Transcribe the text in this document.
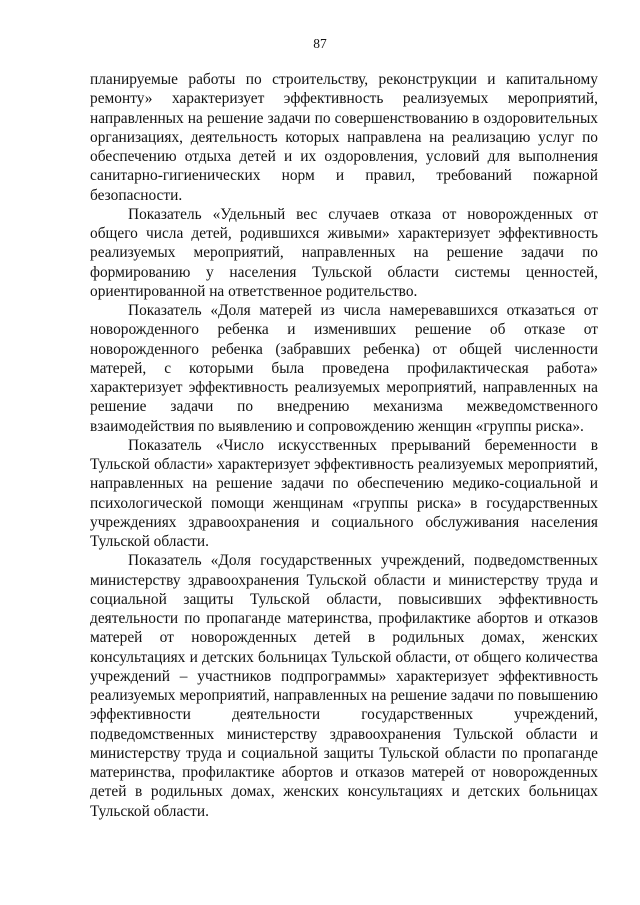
87

планируемые работы по строительству, реконструкции и капитальному ремонту» характеризует эффективность реализуемых мероприятий, направленных на решение задачи по совершенствованию в оздоровительных организациях, деятельность которых направлена на реализацию услуг по обеспечению отдыха детей и их оздоровления, условий для выполнения санитарно-гигиенических норм и правил, требований пожарной безопасности.

Показатель «Удельный вес случаев отказа от новорожденных от общего числа детей, родившихся живыми» характеризует эффективность реализуемых мероприятий, направленных на решение задачи по формированию у населения Тульской области системы ценностей, ориентированной на ответственное родительство.

Показатель «Доля матерей из числа намеревавшихся отказаться от новорожденного ребенка и изменивших решение об отказе от новорожденного ребенка (забравших ребенка) от общей численности матерей, с которыми была проведена профилактическая работа» характеризует эффективность реализуемых мероприятий, направленных на решение задачи по внедрению механизма межведомственного взаимодействия по выявлению и сопровождению женщин «группы риска».

Показатель «Число искусственных прерываний беременности в Тульской области» характеризует эффективность реализуемых мероприятий, направленных на решение задачи по обеспечению медико-социальной и психологической помощи женщинам «группы риска» в государственных учреждениях здравоохранения и социального обслуживания населения Тульской области.

Показатель «Доля государственных учреждений, подведомственных министерству здравоохранения Тульской области и министерству труда и социальной защиты Тульской области, повысивших эффективность деятельности по пропаганде материнства, профилактике абортов и отказов матерей от новорожденных детей в родильных домах, женских консультациях и детских больницах Тульской области, от общего количества учреждений – участников подпрограммы» характеризует эффективность реализуемых мероприятий, направленных на решение задачи по повышению эффективности деятельности государственных учреждений, подведомственных министерству здравоохранения Тульской области и министерству труда и социальной защиты Тульской области по пропаганде материнства, профилактике абортов и отказов матерей от новорожденных детей в родильных домах, женских консультациях и детских больницах Тульской области.
